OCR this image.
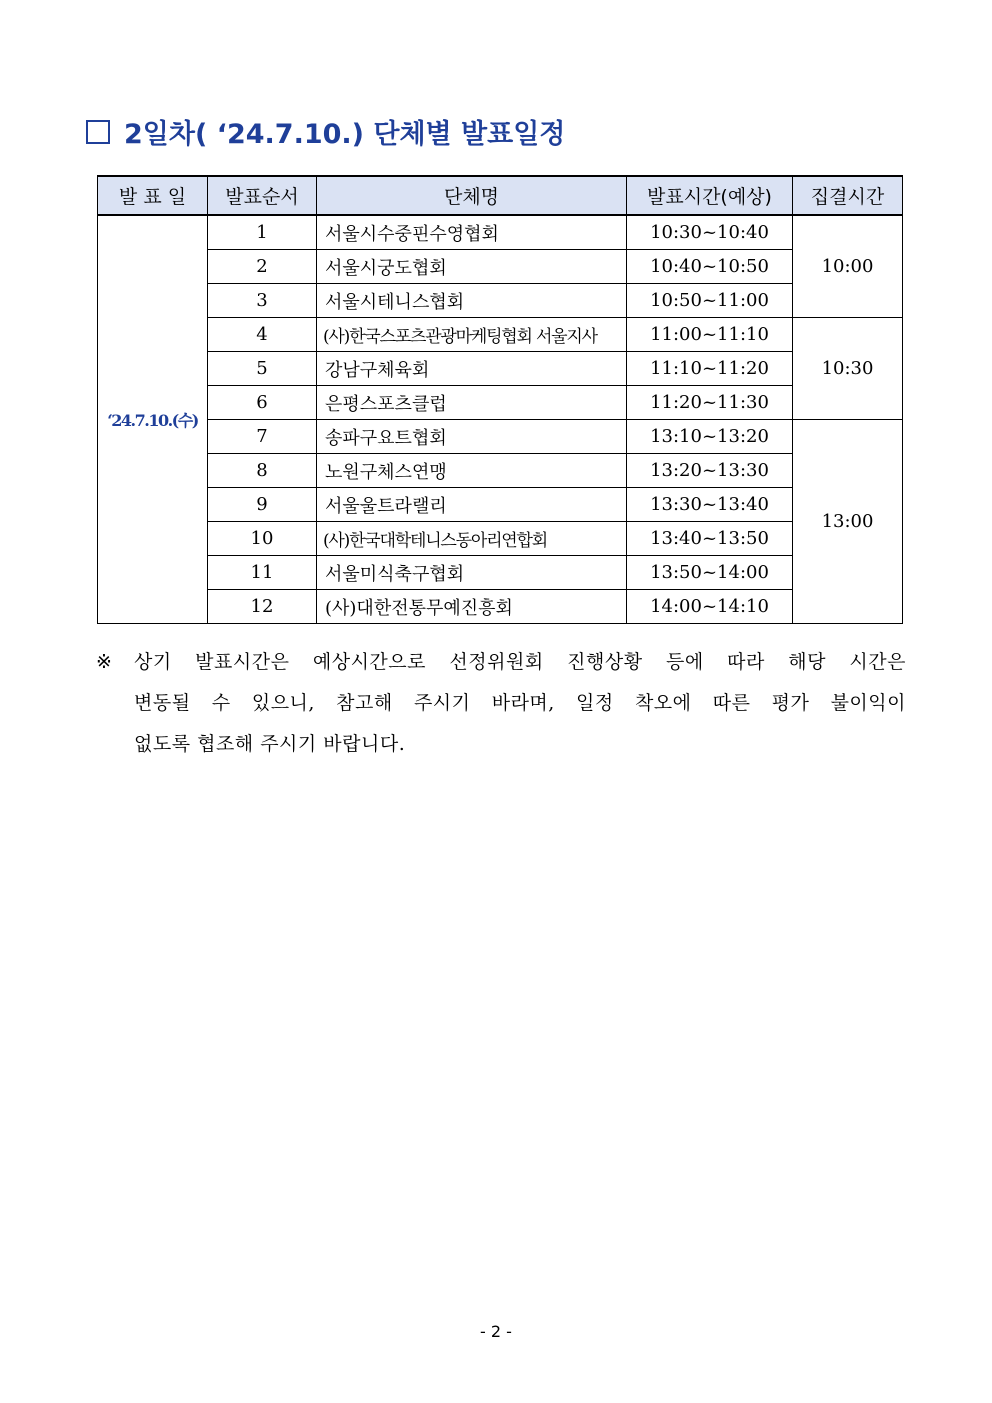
2일차( ‘24.7.10.) 단체별 발표일정
발 표 일	발표순서	단체명	발표시간(예상)	집결시간
‘24.7.10.(수)	1	서울시수중핀수영협회	10:30~10:40	10:00
	2	서울시궁도협회	10:40~10:50	
	3	서울시테니스협회	10:50~11:00	
	4	(사)한국스포츠관광마케팅협회 서울지사	11:00~11:10	10:30
	5	강남구체육회	11:10~11:20	
	6	은평스포츠클럽	11:20~11:30	
	7	송파구요트협회	13:10~13:20	13:00
	8	노원구체스연맹	13:20~13:30	
	9	서울울트라랠리	13:30~13:40	
	10	(사)한국대학테니스동아리연합회	13:40~13:50	
	11	서울미식축구협회	13:50~14:00	
	12	(사)대한전통무예진흥회	14:00~14:10	
※	상기 발표시간은 예상시간으로 선정위원회 진행상황 등에 따라 해당 시간은
변동될 수 있으니, 참고해 주시기 바라며, 일정 착오에 따른 평가 불이익이
없도록 협조해 주시기 바랍니다.
- 2 -
